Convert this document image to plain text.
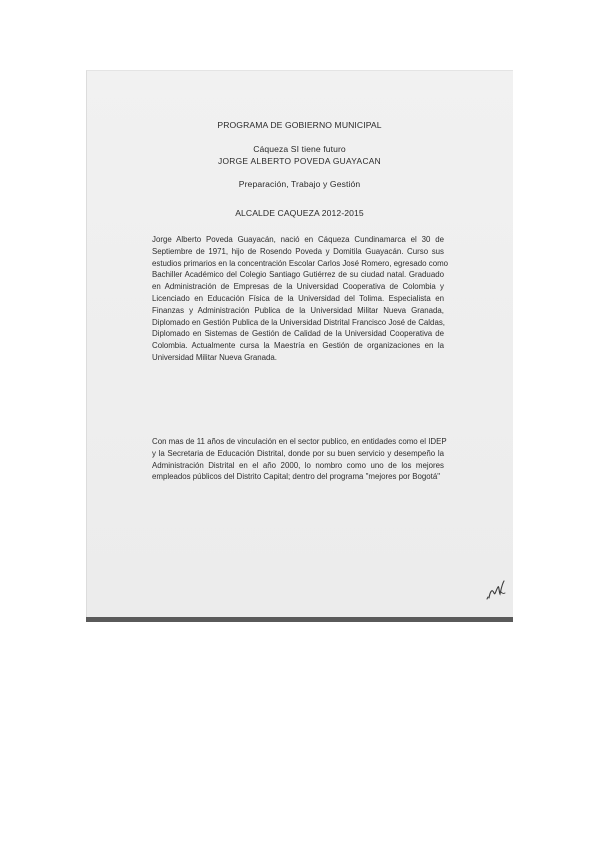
PROGRAMA DE GOBIERNO MUNICIPAL
Cáqueza SI tiene futuro
JORGE ALBERTO POVEDA GUAYACAN
Preparación, Trabajo y Gestión
ALCALDE CAQUEZA 2012-2015
Jorge Alberto Poveda Guayacán, nació en Cáqueza Cundinamarca el 30 de
Septiembre de 1971, hijo de Rosendo Poveda y Domitila Guayacán. Curso sus
estudios primarios en la concentración Escolar Carlos José Romero, egresado como
Bachiller Académico del Colegio Santiago Gutiérrez de su ciudad natal. Graduado
en Administración de Empresas de la Universidad Cooperativa de Colombia y
Licenciado en Educación Física de la Universidad del Tolima. Especialista en
Finanzas y Administración Publica de la Universidad Militar Nueva Granada,
Diplomado en Gestión Publica de la Universidad Distrital Francisco José de Caldas,
Diplomado en Sistemas de Gestión de Calidad de la Universidad Cooperativa de
Colombia. Actualmente cursa la Maestría en Gestión de organizaciones en la
Universidad Militar Nueva Granada.
Con mas de 11 años de vinculación en el sector publico, en entidades como el IDEP
y la Secretaria de Educación Distrital, donde por su buen servicio y desempeño la
Administración Distrital en el año 2000, lo nombro como uno de los mejores
empleados públicos del Distrito Capital; dentro del programa "mejores por Bogotá"
